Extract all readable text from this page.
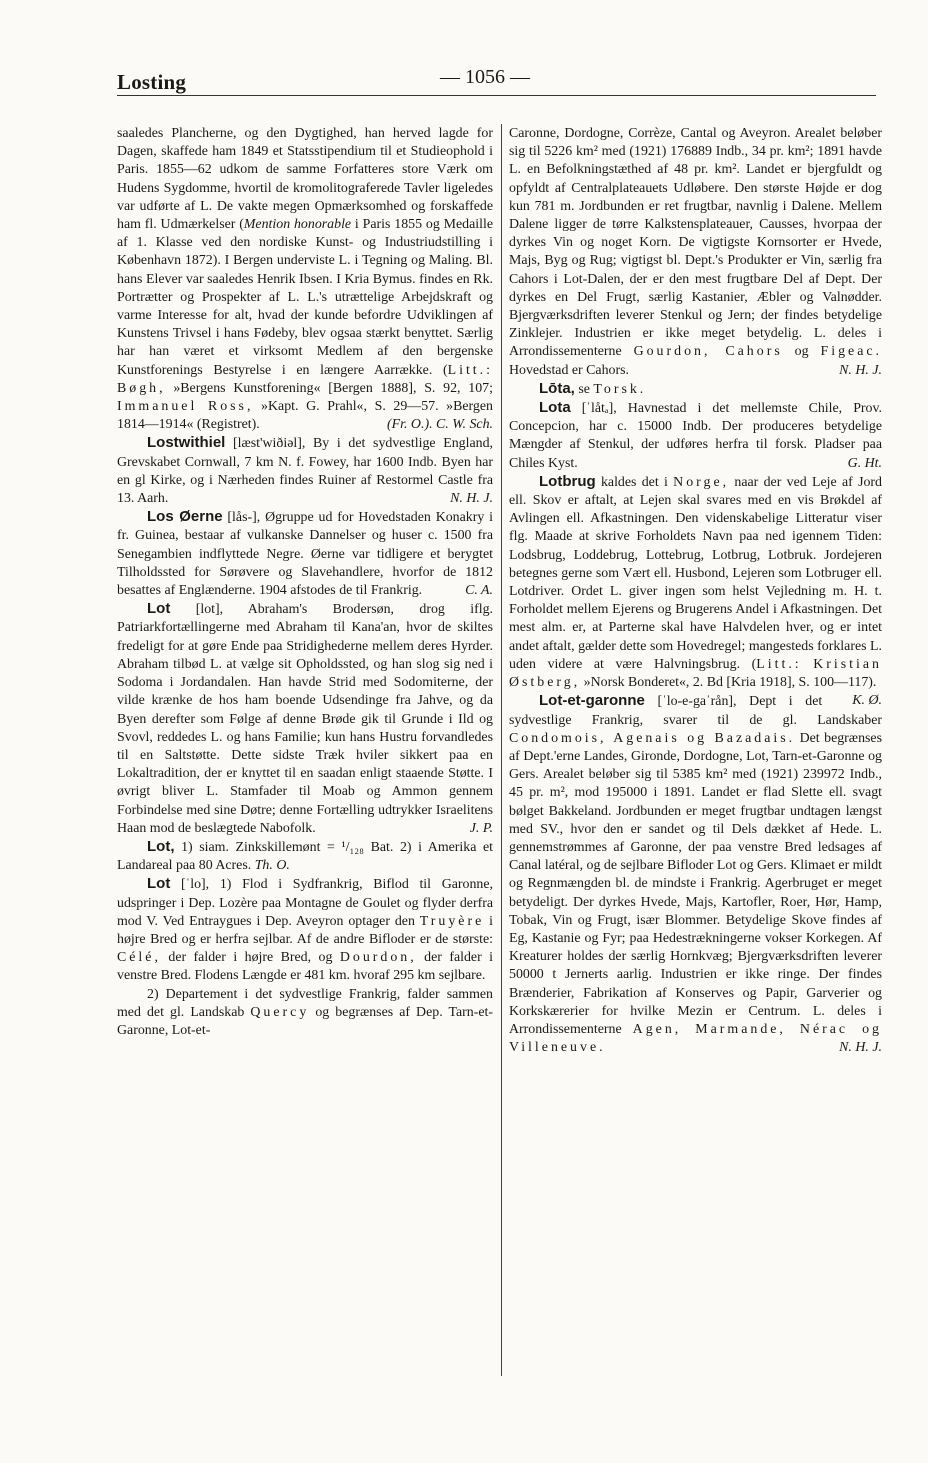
Losting	— 1056 —

saaledes Plancherne, og den Dygtighed, han herved lagde for Dagen, skaffede ham 1849 et Statsstipendium til et Studieophold i Paris. 1855—62 udkom de samme Forfatteres store Værk om Hudens Sygdomme, hvortil de kromolitograferede Tavler ligeledes var udførte af L. De vakte megen Opmærksomhed og forskaffede ham fl. Udmærkelser (Mention honorable i Paris 1855 og Medaille af 1. Klasse ved den nordiske Kunst- og Industriudstilling i København 1872). I Bergen underviste L. i Tegning og Maling. Bl. hans Elever var saaledes Henrik Ibsen. I Kria Bymus. findes en Rk. Portrætter og Prospekter af L. L.'s utrættelige Arbejdskraft og varme Interesse for alt, hvad der kunde befordre Udviklingen af Kunstens Trivsel i hans Fødeby, blev ogsaa stærkt benyttet. Særlig har han været et virksomt Medlem af den bergenske Kunstforenings Bestyrelse i en længere Aarrække. (Litt.: Bøgh, »Bergens Kunstforening« [Bergen 1888], S. 92, 107; Immanuel Ross, »Kapt. G. Prahl«, S. 29—57. »Bergen 1814—1914« (Registret).	(Fr. O.). C. W. Sch.

Lostwithiel [læst'wiðiəl], By i det sydvestlige England, Grevskabet Cornwall, 7 km N. f. Fowey, har 1600 Indb. Byen har en gl Kirke, og i Nærheden findes Ruiner af Restormel Castle fra 13. Aarh.	N. H. J.

Los Øerne [lås-], Øgruppe ud for Hovedstaden Konakry i fr. Guinea, bestaar af vulkanske Dannelser og huser c. 1500 fra Senegambien indflyttede Negre. Øerne var tidligere et berygtet Tilholdssted for Sørøvere og Slavehandlere, hvorfor de 1812 besattes af Englænderne. 1904 afstodes de til Frankrig.	C. A.

Lot [lot], Abraham's Brodersøn, drog iflg. Patriarkfortællingerne med Abraham til Kana'an, hvor de skiltes fredeligt for at gøre Ende paa Stridighederne mellem deres Hyrder. Abraham tilbød L. at vælge sit Opholdssted, og han slog sig ned i Sodoma i Jordandalen. Han havde Strid med Sodomiterne, der vilde krænke de hos ham boende Udsendinge fra Jahve, og da Byen derefter som Følge af denne Brøde gik til Grunde i Ild og Svovl, reddedes L. og hans Familie; kun hans Hustru forvandledes til en Saltstøtte. Dette sidste Træk hviler sikkert paa en Lokaltradition, der er knyttet til en saadan enligt staaende Støtte. I øvrigt bliver L. Stamfader til Moab og Ammon gennem Forbindelse med sine Døtre; denne Fortælling udtrykker Israelitens Haan mod de beslægtede Nabofolk.	J. P.

Lot, 1) siam. Zinkskillemønt = ¹/₁₂₈ Bat. 2) i Amerika et Landareal paa 80 Acres. Th. O.

Lot [ˈlo], 1) Flod i Sydfrankrig, Biflod til Garonne, udspringer i Dep. Lozère paa Montagne de Goulet og flyder derfra mod V. Ved Entraygues i Dep. Aveyron optager den Truyère i højre Bred og er herfra sejlbar. Af de andre Bifloder er de største: Célé, der falder i højre Bred, og Dourdon, der falder i venstre Bred. Flodens Længde er 481 km. hvoraf 295 km sejlbare.

2) Departement i det sydvestlige Frankrig, falder sammen med det gl. Landskab Quercy og begrænses af Dep. Tarn-et-Garonne, Lot-et-

Caronne, Dordogne, Corrèze, Cantal og Aveyron. Arealet beløber sig til 5226 km² med (1921) 176889 Indb., 34 pr. km²; 1891 havde L. en Befolkningstæthed af 48 pr. km². Landet er bjergfuldt og opfyldt af Centralplateauets Udløbere. Den største Højde er dog kun 781 m. Jordbunden er ret frugtbar, navnlig i Dalene. Mellem Dalene ligger de tørre Kalkstensplateauer, Causses, hvorpaa der dyrkes Vin og noget Korn. De vigtigste Kornsorter er Hvede, Majs, Byg og Rug; vigtigst bl. Dept.'s Produkter er Vin, særlig fra Cahors i Lot-Dalen, der er den mest frugtbare Del af Dept. Der dyrkes en Del Frugt, særlig Kastanier, Æbler og Valnødder. Bjergværksdriften leverer Stenkul og Jern; der findes betydelige Zinklejer. Industrien er ikke meget betydelig. L. deles i Arrondissementerne Gourdon, Cahors og Figeac. Hovedstad er Cahors.	N. H. J.

Lōta, se Torsk.

Lota [ˈlåtₐ], Havnestad i det mellemste Chile, Prov. Concepcion, har c. 15000 Indb. Der produceres betydelige Mængder af Stenkul, der udføres herfra til forsk. Pladser paa Chiles Kyst.	G. Ht.

Lotbrug kaldes det i Norge, naar der ved Leje af Jord ell. Skov er aftalt, at Lejen skal svares med en vis Brøkdel af Avlingen ell. Afkastningen. Den videnskabelige Litteratur viser flg. Maade at skrive Forholdets Navn paa ned igennem Tiden: Lodsbrug, Loddebrug, Lottebrug, Lotbrug, Lotbruk. Jordejeren betegnes gerne som Vært ell. Husbond, Lejeren som Lotbruger ell. Lotdriver. Ordet L. giver ingen som helst Vejledning m. H. t. Forholdet mellem Ejerens og Brugerens Andel i Afkastningen. Det mest alm. er, at Parterne skal have Halvdelen hver, og er intet andet aftalt, gælder dette som Hovedregel; mangesteds forklares L. uden videre at være Halvningsbrug. (Litt.: Kristian Østberg, »Norsk Bonderet«, 2. Bd [Kria 1918], S. 100—117).
K. Ø.

Lot-et-garonne [ˈlo-e-gaˈrån], Dept i det sydvestlige Frankrig, svarer til de gl. Landskaber Condomois, Agenais og Bazadais. Det begrænses af Dept.'erne Landes, Gironde, Dordogne, Lot, Tarn-et-Garonne og Gers. Arealet beløber sig til 5385 km² med (1921) 239972 Indb., 45 pr. m², mod 195000 i 1891. Landet er flad Slette ell. svagt bølget Bakkeland. Jordbunden er meget frugtbar undtagen længst med SV., hvor den er sandet og til Dels dækket af Hede. L. gennemstrømmes af Garonne, der paa venstre Bred ledsages af Canal latéral, og de sejlbare Bifloder Lot og Gers. Klimaet er mildt og Regnmængden bl. de mindste i Frankrig. Agerbruget er meget betydeligt. Der dyrkes Hvede, Majs, Kartofler, Roer, Hør, Hamp, Tobak, Vin og Frugt, især Blommer. Betydelige Skove findes af Eg, Kastanie og Fyr; paa Hedestrækningerne vokser Korkegen. Af Kreaturer holdes der særlig Hornkvæg; Bjergværksdriften leverer 50000 t Jernerts aarlig. Industrien er ikke ringe. Der findes Brænderier, Fabrikation af Konserves og Papir, Garverier og Korkskærerier for hvilke Mezin er Centrum. L. deles i Arrondissementerne Agen, Marmande, Nérac og Villeneuve.	N. H. J.
